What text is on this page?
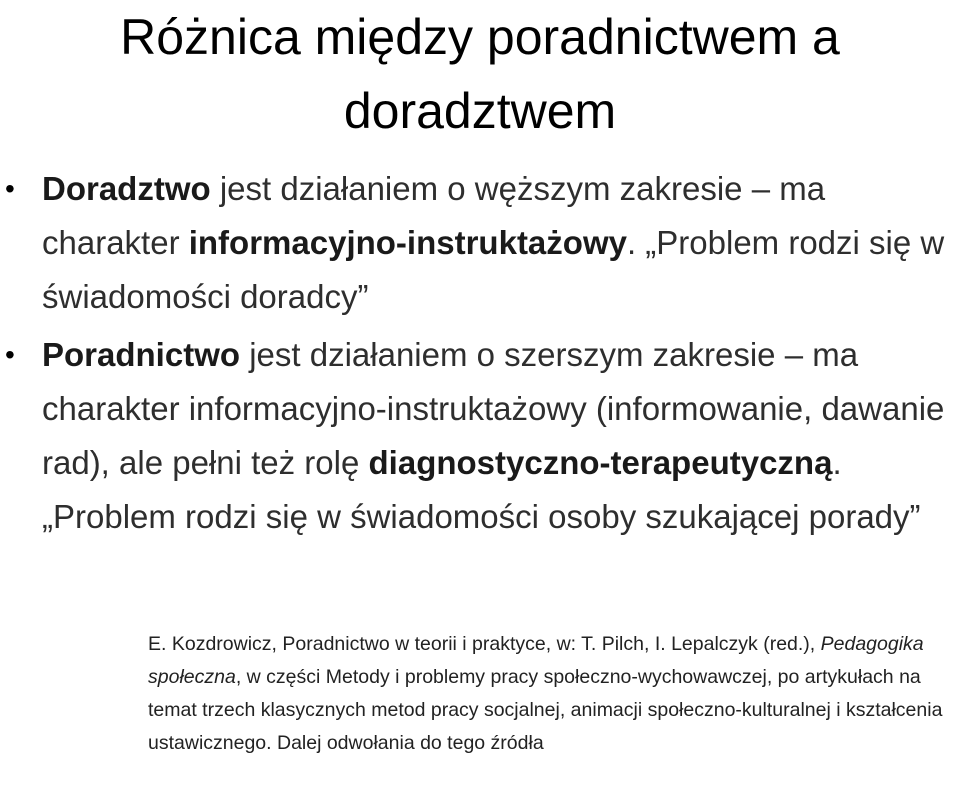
Różnica między poradnictwem a doradztwem
• Doradztwo jest działaniem o węższym zakresie – ma charakter informacyjno-instruktażowy. „Problem rodzi się w świadomości doradcy”
• Poradnictwo jest działaniem o szerszym zakresie – ma charakter informacyjno-instruktażowy (informowanie, dawanie rad), ale pełni też rolę diagnostyczno-terapeutyczną. „Problem rodzi się w świadomości osoby szukającej porady”

E. Kozdrowicz, Poradnictwo w teorii i praktyce, w: T. Pilch, I. Lepalczyk (red.), Pedagogika społeczna, w części Metody i problemy pracy społeczno-wychowawczej, po artykułach na temat trzech klasycznych metod pracy socjalnej, animacji społeczno-kulturalnej i kształcenia ustawicznego. Dalej odwołania do tego źródła
